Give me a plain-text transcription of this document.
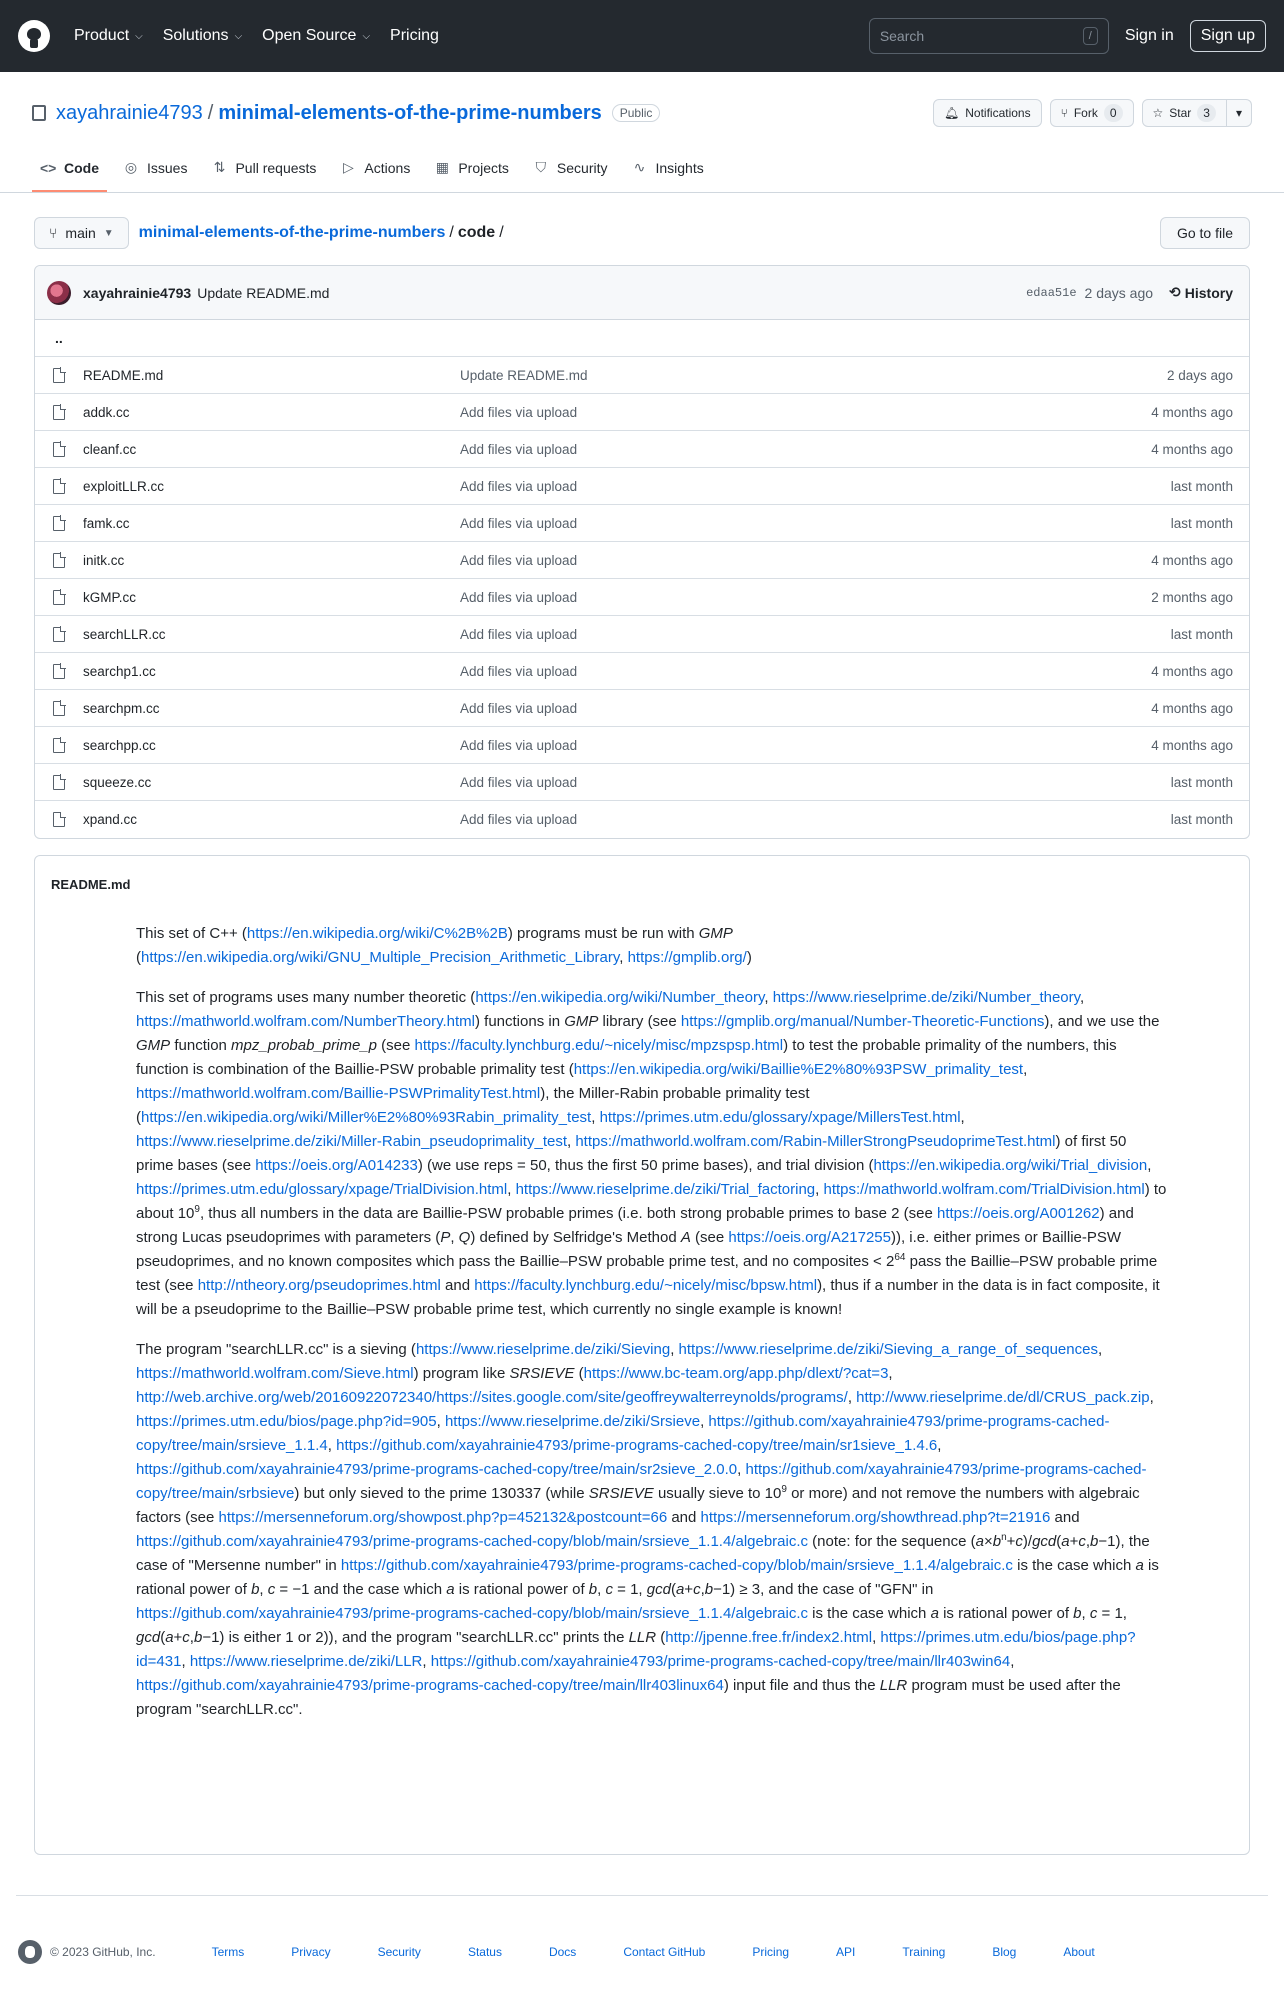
Product ⌵ Solutions ⌵ Open Source ⌵ Pricing
Search	/	Sign in	Sign up
xayahrainie4793 / minimal-elements-of-the-prime-numbers	Public	🔔︎ Notifications	⑂ Fork	0	☆ Star	3	▾
<> Code ◎ Issues ⇅ Pull requests ▷ Actions ▦ Projects ⛉ Security ∿ Insights
⑂ main ▼ minimal-elements-of-the-prime-numbers / code /	Go to file
xayahrainie4793 Update README.md	edaa51e 2 days ago ⟲ History
..
README.md	Update README.md	2 days ago
addk.cc	Add files via upload	4 months ago
cleanf.cc	Add files via upload	4 months ago
exploitLLR.cc	Add files via upload	last month
famk.cc	Add files via upload	last month
initk.cc	Add files via upload	4 months ago
kGMP.cc	Add files via upload	2 months ago
searchLLR.cc	Add files via upload	last month
searchp1.cc	Add files via upload	4 months ago
searchpm.cc	Add files via upload	4 months ago
searchpp.cc	Add files via upload	4 months ago
squeeze.cc	Add files via upload	last month
xpand.cc	Add files via upload	last month
README.md

This set of C++ (https://en.wikipedia.org/wiki/C%2B%2B) programs must be run with GMP (https://en.wikipedia.org/wiki/GNU_Multiple_Precision_Arithmetic_Library, https://gmplib.org/)

This set of programs uses many number theoretic (https://en.wikipedia.org/wiki/Number_theory, https://www.rieselprime.de/ziki/Number_theory, https://mathworld.wolfram.com/NumberTheory.html) functions in GMP library (see https://gmplib.org/manual/Number-Theoretic-Functions), and we use the GMP function mpz_probab_prime_p (see https://faculty.lynchburg.edu/~nicely/misc/mpzspsp.html) to test the probable primality of the numbers, this function is combination of the Baillie-PSW probable primality test (https://en.wikipedia.org/wiki/Baillie%E2%80%93PSW_primality_test, https://mathworld.wolfram.com/Baillie-PSWPrimalityTest.html), the Miller-Rabin probable primality test (https://en.wikipedia.org/wiki/Miller%E2%80%93Rabin_primality_test, https://primes.utm.edu/glossary/xpage/MillersTest.html, https://www.rieselprime.de/ziki/Miller-Rabin_pseudoprimality_test, https://mathworld.wolfram.com/Rabin-MillerStrongPseudoprimeTest.html) of first 50 prime bases (see https://oeis.org/A014233) (we use reps = 50, thus the first 50 prime bases), and trial division (https://en.wikipedia.org/wiki/Trial_division, https://primes.utm.edu/glossary/xpage/TrialDivision.html, https://www.rieselprime.de/ziki/Trial_factoring, https://mathworld.wolfram.com/TrialDivision.html) to about $10^9$, thus all numbers in the data are Baillie-PSW probable primes (i.e. both strong probable primes to base 2 (see https://oeis.org/A001262) and strong Lucas pseudoprimes with parameters (P, Q) defined by Selfridge's Method A (see https://oeis.org/A217255)), i.e. either primes or Baillie-PSW pseudoprimes, and no known composites which pass the Baillie–PSW probable prime test, and no composites < $2^{64}$ pass the Baillie–PSW probable prime test (see http://ntheory.org/pseudoprimes.html and https://faculty.lynchburg.edu/~nicely/misc/bpsw.html), thus if a number in the data is in fact composite, it will be a pseudoprime to the Baillie–PSW probable prime test, which currently no single example is known!

The program "searchLLR.cc" is a sieving (https://www.rieselprime.de/ziki/Sieving, https://www.rieselprime.de/ziki/Sieving_a_range_of_sequences, https://mathworld.wolfram.com/Sieve.html) program like SRSIEVE (https://www.bc-team.org/app.php/dlext/?cat=3, http://web.archive.org/web/20160922072340/https://sites.google.com/site/geoffreywalterreynolds/programs/, http://www.rieselprime.de/dl/CRUS_pack.zip, https://primes.utm.edu/bios/page.php?id=905, https://www.rieselprime.de/ziki/Srsieve, https://github.com/xayahrainie4793/prime-programs-cached-copy/tree/main/srsieve_1.1.4, https://github.com/xayahrainie4793/prime-programs-cached-copy/tree/main/sr1sieve_1.4.6, https://github.com/xayahrainie4793/prime-programs-cached-copy/tree/main/sr2sieve_2.0.0, https://github.com/xayahrainie4793/prime-programs-cached-copy/tree/main/srbsieve) but only sieved to the prime 130337 (while SRSIEVE usually sieve to $10^9$ or more) and not remove the numbers with algebraic factors (see https://mersenneforum.org/showpost.php?p=452132&postcount=66 and https://mersenneforum.org/showthread.php?t=21916 and https://github.com/xayahrainie4793/prime-programs-cached-copy/blob/main/srsieve_1.1.4/algebraic.c (note: for the sequence $(a\times b^n+c)/\gcd(a+c,b-1)$, the case of "Mersenne number" in https://github.com/xayahrainie4793/prime-programs-cached-copy/blob/main/srsieve_1.1.4/algebraic.c is the case which a is rational power of b, c = −1 and the case which a is rational power of b, c = 1, gcd(a+c,b−1) ≥ 3, and the case of "GFN" in https://github.com/xayahrainie4793/prime-programs-cached-copy/blob/main/srsieve_1.1.4/algebraic.c is the case which a is rational power of b, c = 1, gcd(a+c,b−1) is either 1 or 2)), and the program "searchLLR.cc" prints the LLR (http://jpenne.free.fr/index2.html, https://primes.utm.edu/bios/page.php?id=431, https://www.rieselprime.de/ziki/LLR, https://github.com/xayahrainie4793/prime-programs-cached-copy/tree/main/llr403win64, https://github.com/xayahrainie4793/prime-programs-cached-copy/tree/main/llr403linux64) input file and thus the LLR program must be used after the program "searchLLR.cc".

© 2023 GitHub, Inc.	Terms	Privacy	Security	Status	Docs	Contact GitHub	Pricing	API	Training	Blog	About
